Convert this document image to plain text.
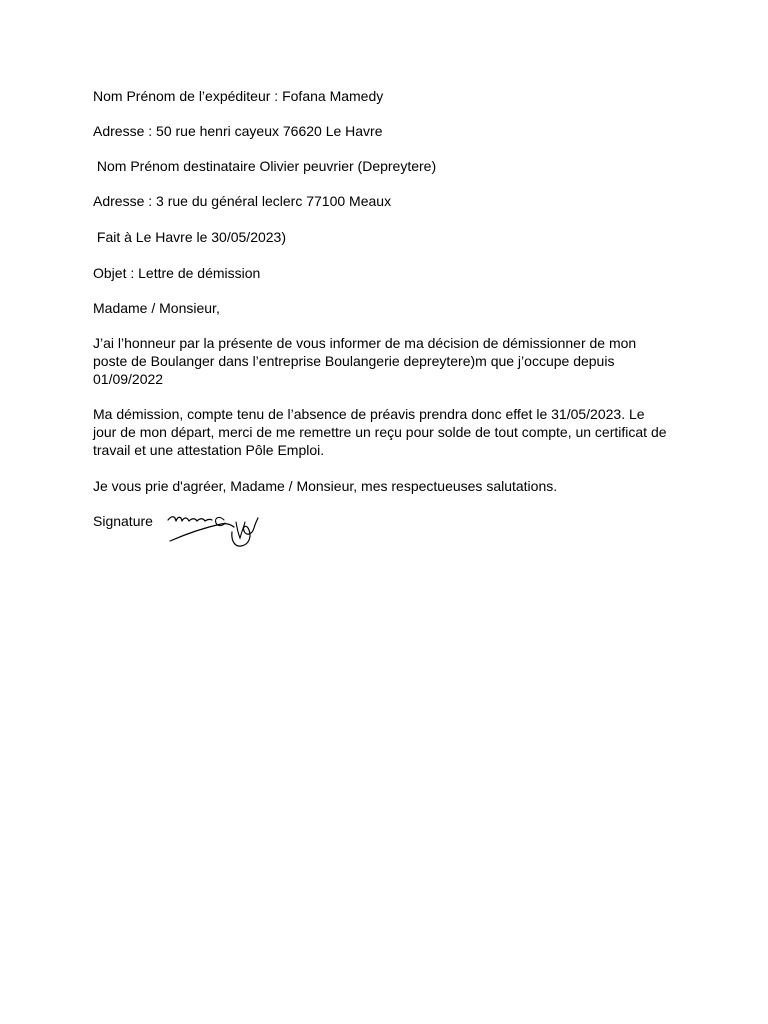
Nom Prénom de l’expéditeur : Fofana Mamedy
Adresse : 50 rue henri cayeux 76620 Le Havre
Nom Prénom destinataire Olivier peuvrier (Depreytere)
Adresse : 3 rue du général leclerc 77100 Meaux
Fait à Le Havre le 30/05/2023)
Objet : Lettre de démission
Madame / Monsieur,
J’ai l’honneur par la présente de vous informer de ma décision de démissionner de mon
poste de Boulanger dans l’entreprise Boulangerie depreytere)m que j’occupe depuis
01/09/2022
Ma démission, compte tenu de l’absence de préavis prendra donc effet le 31/05/2023. Le
jour de mon départ, merci de me remettre un reçu pour solde de tout compte, un certificat de
travail et une attestation Pôle Emploi.
Je vous prie d'agréer, Madame / Monsieur, mes respectueuses salutations.
Signature
